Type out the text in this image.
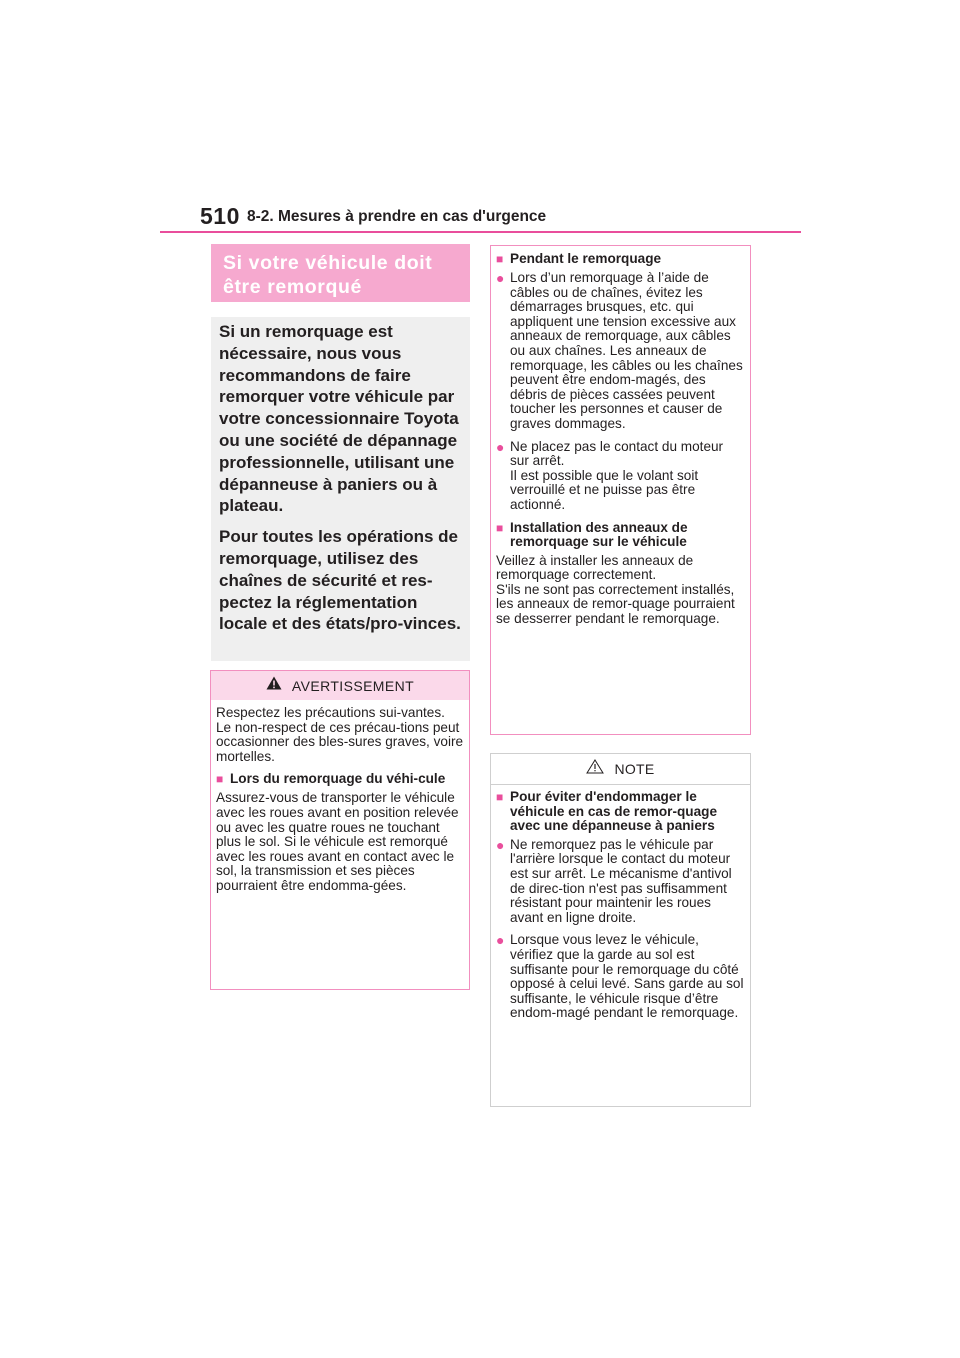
510 8-2. Mesures à prendre en cas d'urgence
Si votre véhicule doit être remorqué

Si un remorquage est nécessaire, nous vous recommandons de faire remorquer votre véhicule par votre concessionnaire Toyota ou une société de dépannage professionnelle, utilisant une dépanneuse à paniers ou à plateau.

Pour toutes les opérations de remorquage, utilisez des chaînes de sécurité et res-pectez la réglementation locale et des états/pro-vinces.

AVERTISSEMENT

Respectez les précautions sui-vantes.
Le non-respect de ces précau-tions peut occasionner des bles-sures graves, voire mortelles.

■ Lors du remorquage du véhi-cule

Assurez-vous de transporter le véhicule avec les roues avant en position relevée ou avec les quatre roues ne touchant plus le sol. Si le véhicule est remorqué avec les roues avant en contact avec le sol, la transmission et ses pièces pourraient être endomma-gées.

■ Pendant le remorquage
● Lors d’un remorquage à l’aide de câbles ou de chaînes, évitez les démarrages brusques, etc. qui appliquent une tension excessive aux anneaux de remorquage, aux câbles ou aux chaînes. Les anneaux de remorquage, les câbles ou les chaînes peuvent être endom-magés, des débris de pièces cassées peuvent toucher les personnes et causer de graves dommages.
● Ne placez pas le contact du moteur sur arrêt.
Il est possible que le volant soit verrouillé et ne puisse pas être actionné.
■ Installation des anneaux de remorquage sur le véhicule

Veillez à installer les anneaux de remorquage correctement.
S'ils ne sont pas correctement installés, les anneaux de remor-quage pourraient se desserrer pendant le remorquage.

NOTE
■ Pour éviter d'endommager le véhicule en cas de remor-quage avec une dépanneuse à paniers
● Ne remorquez pas le véhicule par l'arrière lorsque le contact du moteur est sur arrêt. Le mécanisme d'antivol de direc-tion n'est pas suffisamment résistant pour maintenir les roues avant en ligne droite.
● Lorsque vous levez le véhicule, vérifiez que la garde au sol est suffisante pour le remorquage du côté opposé à celui levé. Sans garde au sol suffisante, le véhicule risque d’être endom-magé pendant le remorquage.
